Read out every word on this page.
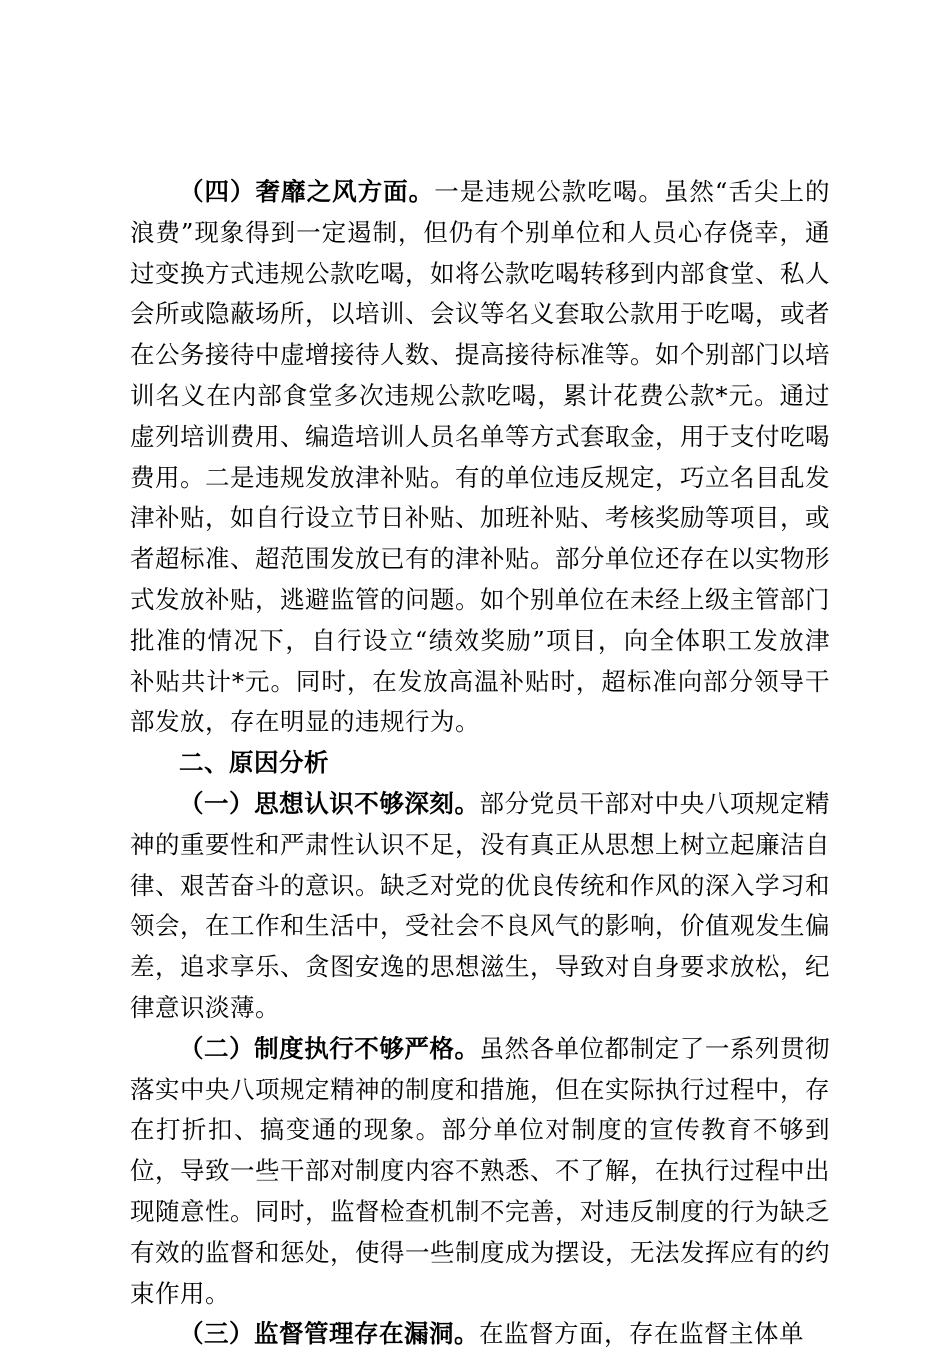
（四）奢靡之风方面。一是违规公款吃喝。虽然“舌尖上的浪费”现象得到一定遏制，但仍有个别单位和人员心存侥幸，通过变换方式违规公款吃喝，如将公款吃喝转移到内部食堂、私人会所或隐蔽场所，以培训、会议等名义套取公款用于吃喝，或者在公务接待中虚增接待人数、提高接待标准等。如个别部门以培训名义在内部食堂多次违规公款吃喝，累计花费公款*元。通过虚列培训费用、编造培训人员名单等方式套取金，用于支付吃喝费用。二是违规发放津补贴。有的单位违反规定，巧立名目乱发津补贴，如自行设立节日补贴、加班补贴、考核奖励等项目，或者超标准、超范围发放已有的津补贴。部分单位还存在以实物形式发放补贴，逃避监管的问题。如个别单位在未经上级主管部门批准的情况下，自行设立“绩效奖励”项目，向全体职工发放津补贴共计*元。同时，在发放高温补贴时，超标准向部分领导干部发放，存在明显的违规行为。

二、原因分析

（一）思想认识不够深刻。部分党员干部对中央八项规定精神的重要性和严肃性认识不足，没有真正从思想上树立起廉洁自律、艰苦奋斗的意识。缺乏对党的优良传统和作风的深入学习和领会，在工作和生活中，受社会不良风气的影响，价值观发生偏差，追求享乐、贪图安逸的思想滋生，导致对自身要求放松，纪律意识淡薄。

（二）制度执行不够严格。虽然各单位都制定了一系列贯彻落实中央八项规定精神的制度和措施，但在实际执行过程中，存在打折扣、搞变通的现象。部分单位对制度的宣传教育不够到位，导致一些干部对制度内容不熟悉、不了解，在执行过程中出现随意性。同时，监督检查机制不完善，对违反制度的行为缺乏有效的监督和惩处，使得一些制度成为摆设，无法发挥应有的约束作用。

（三）监督管理存在漏洞。在监督方面，存在监督主体单
